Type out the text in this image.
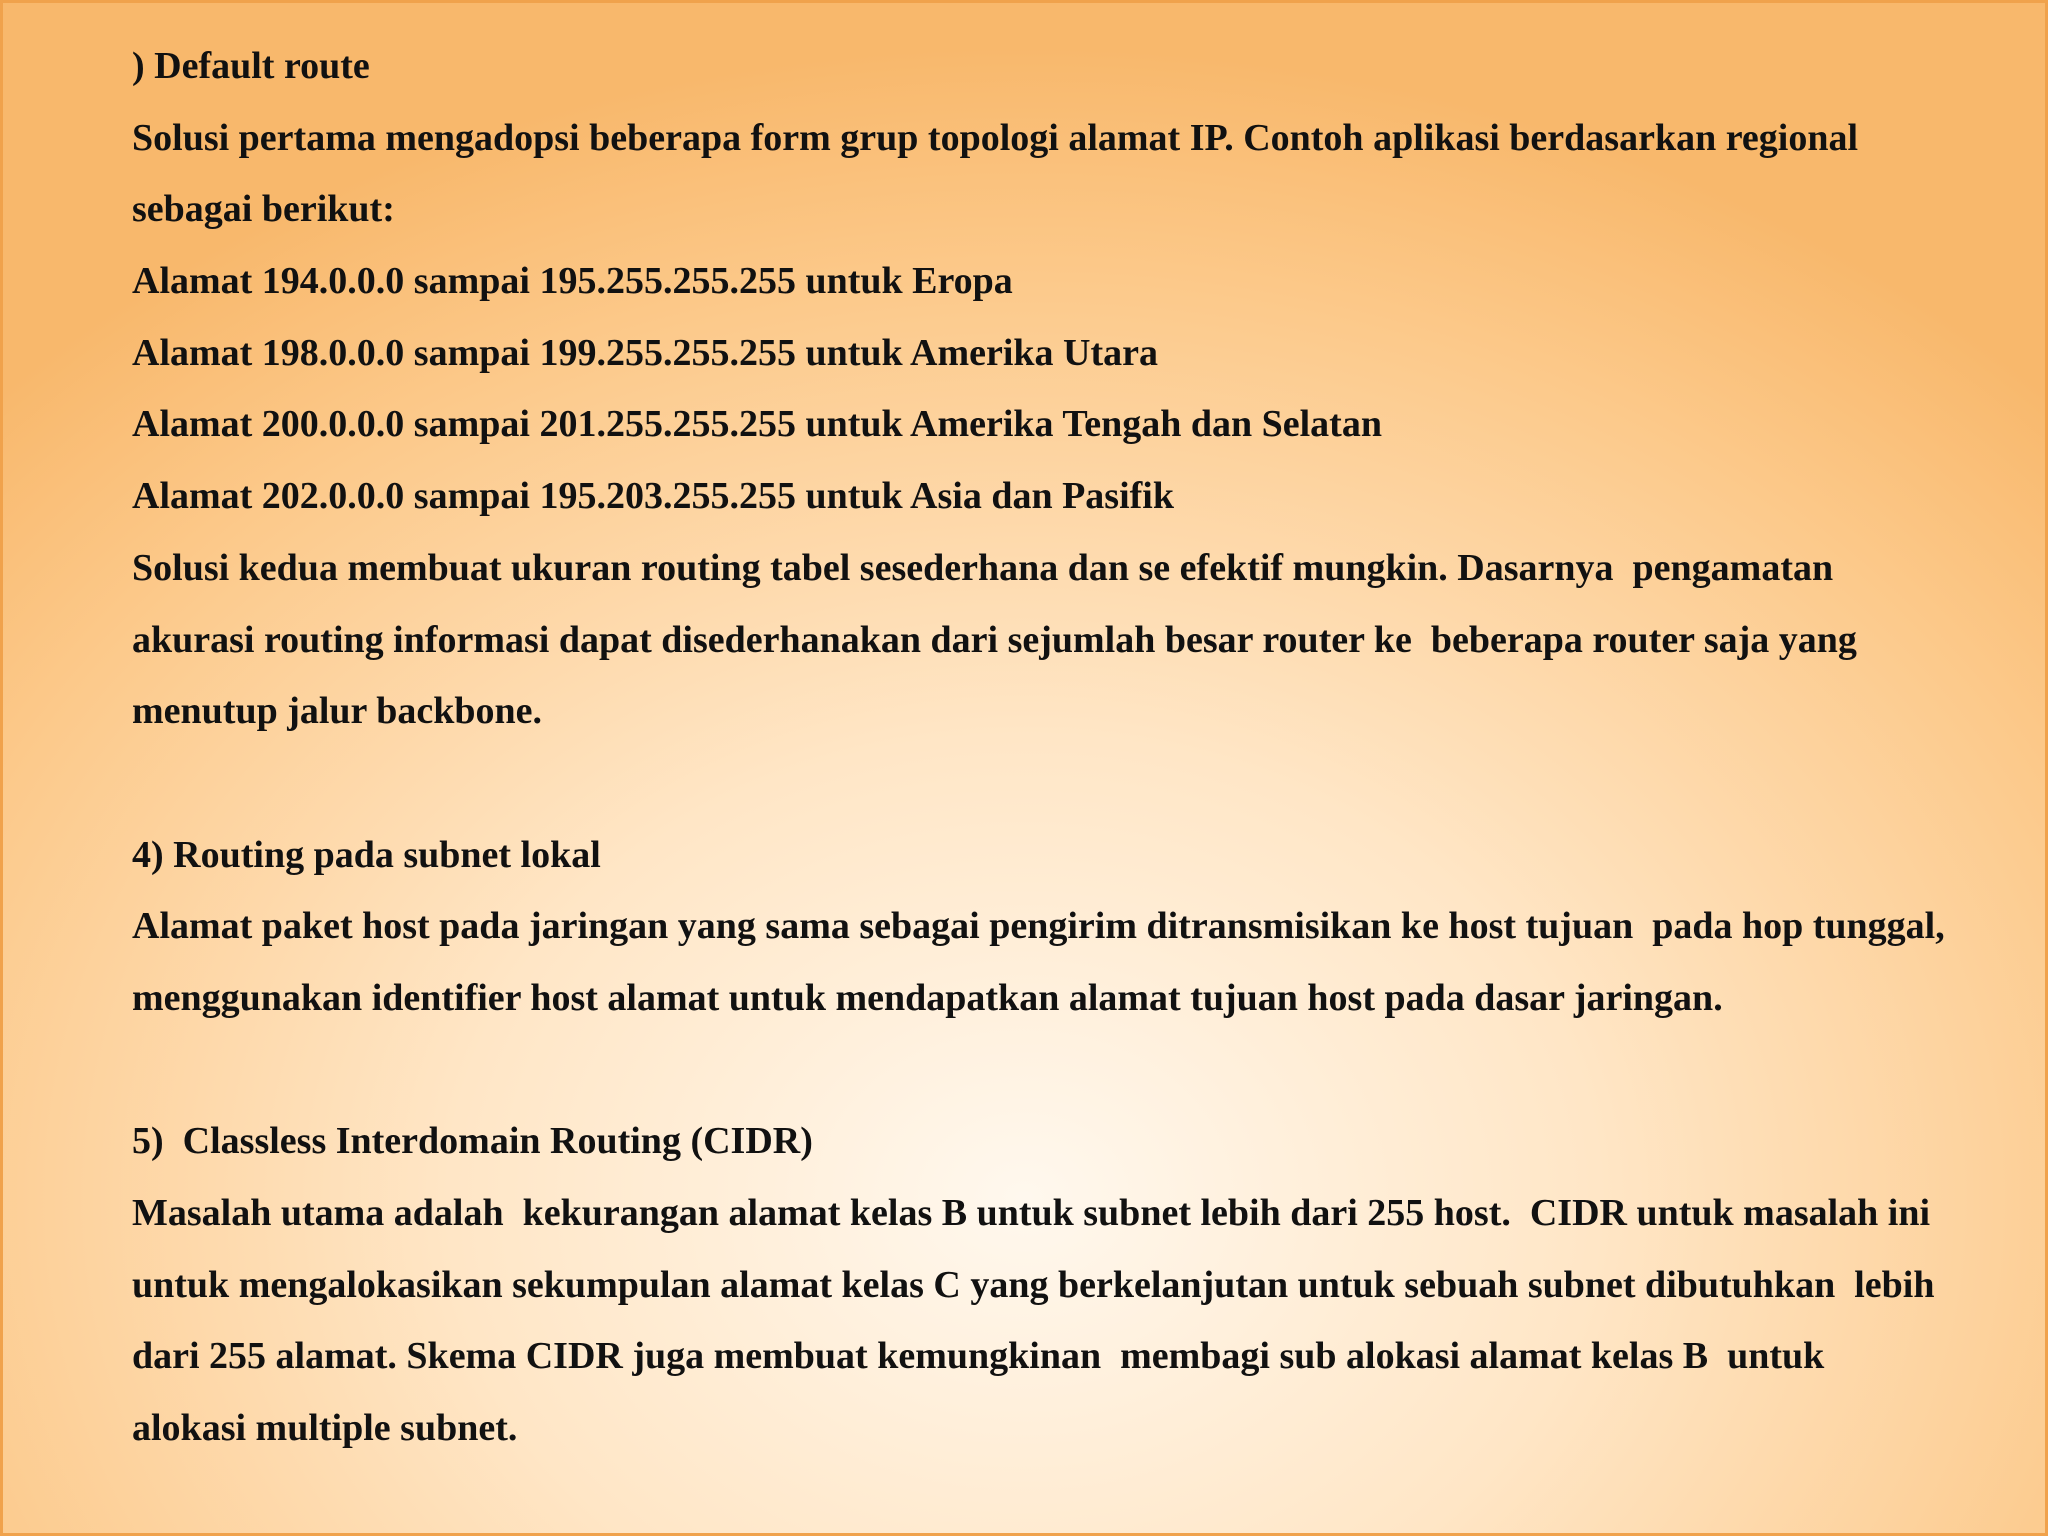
) Default route
Solusi pertama mengadopsi beberapa form grup topologi alamat IP. Contoh aplikasi berdasarkan regional
sebagai berikut:
Alamat 194.0.0.0 sampai 195.255.255.255 untuk Eropa
Alamat 198.0.0.0 sampai 199.255.255.255 untuk Amerika Utara
Alamat 200.0.0.0 sampai 201.255.255.255 untuk Amerika Tengah dan Selatan
Alamat 202.0.0.0 sampai 195.203.255.255 untuk Asia dan Pasifik
Solusi kedua membuat ukuran routing tabel sesederhana dan se efektif mungkin. Dasarnya  pengamatan
akurasi routing informasi dapat disederhanakan dari sejumlah besar router ke  beberapa router saja yang
menutup jalur backbone.
4) Routing pada subnet lokal
Alamat paket host pada jaringan yang sama sebagai pengirim ditransmisikan ke host tujuan  pada hop tunggal,
menggunakan identifier host alamat untuk mendapatkan alamat tujuan host pada dasar jaringan.
5)  Classless Interdomain Routing (CIDR)
Masalah utama adalah  kekurangan alamat kelas B untuk subnet lebih dari 255 host.  CIDR untuk masalah ini
untuk mengalokasikan sekumpulan alamat kelas C yang berkelanjutan untuk sebuah subnet dibutuhkan  lebih
dari 255 alamat. Skema CIDR juga membuat kemungkinan  membagi sub alokasi alamat kelas B  untuk
alokasi multiple subnet.
